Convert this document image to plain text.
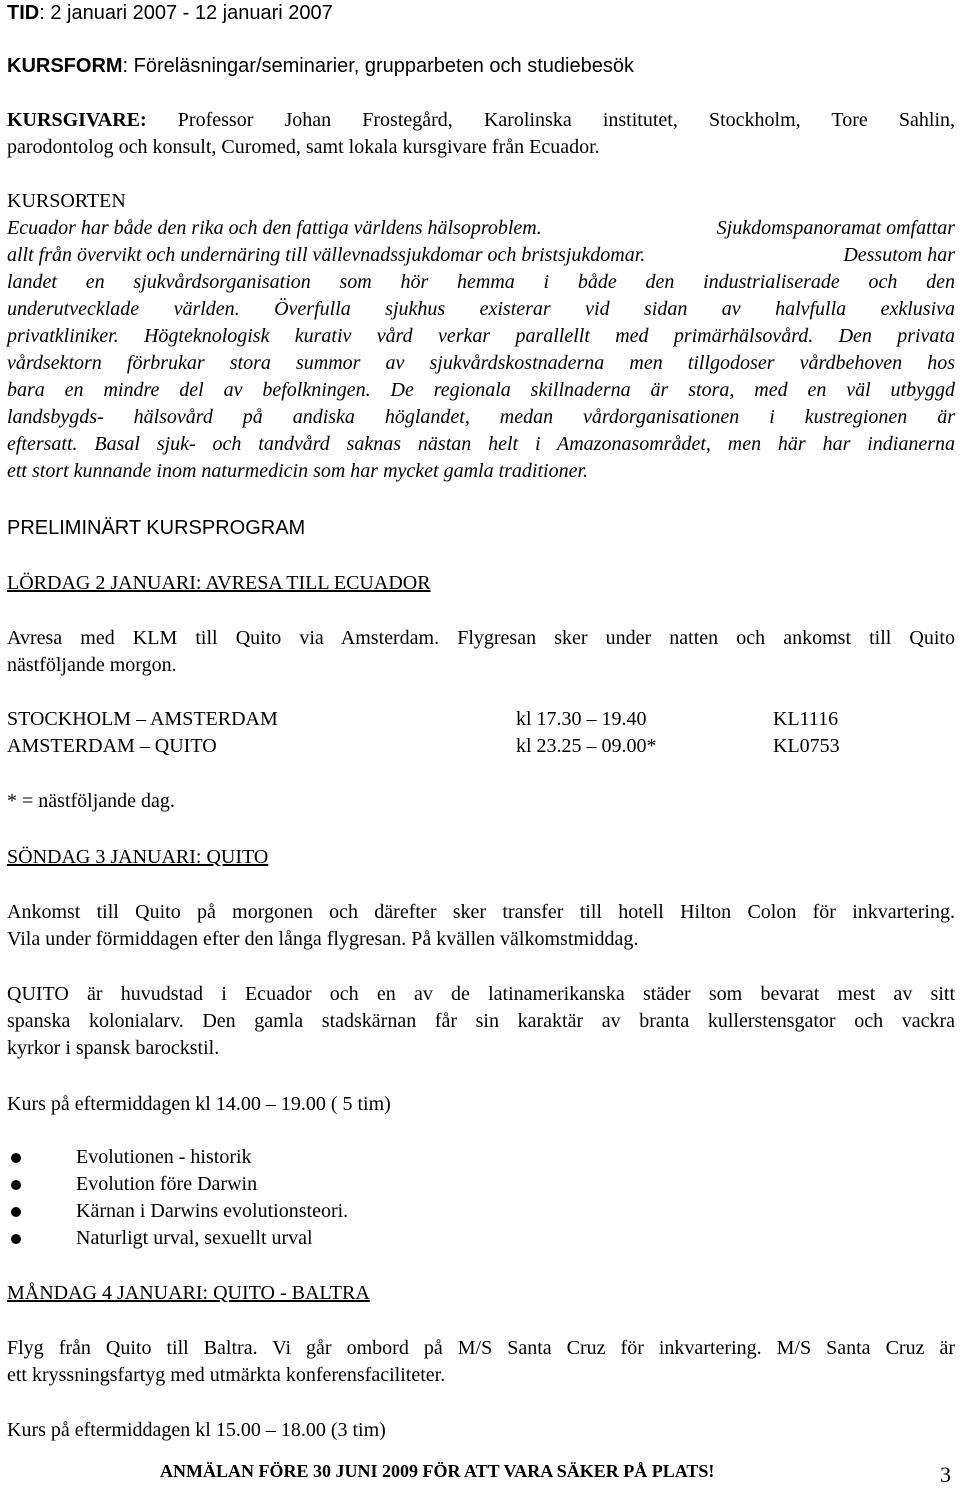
TID: 2 januari 2007 - 12 januari 2007
KURSFORM: Föreläsningar/seminarier, grupparbeten och studiebesök
KURSGIVARE: Professor Johan Frostegård, Karolinska institutet, Stockholm, Tore Sahlin,
parodontolog och konsult, Curomed, samt lokala kursgivare från Ecuador.
KURSORTEN
Ecuador har både den rika och den fattiga världens hälsoproblem.	Sjukdomspanoramat omfattar
allt från övervikt och undernäring till vällevnadssjukdomar och bristsjukdomar.	Dessutom har
landet en sjukvårdsorganisation som hör hemma i både den industrialiserade och den
underutvecklade världen. Överfulla sjukhus existerar vid sidan av halvfulla exklusiva
privatkliniker. Högteknologisk kurativ vård verkar parallellt med primärhälsovård. Den privata
vårdsektorn förbrukar stora summor av sjukvårdskostnaderna men tillgodoser vårdbehoven hos
bara en mindre del av befolkningen. De regionala skillnaderna är stora, med en väl utbyggd
landsbygds- hälsovård på andiska höglandet, medan vårdorganisationen i kustregionen är
eftersatt. Basal sjuk- och tandvård saknas nästan helt i Amazonasområdet, men här har indianerna
ett stort kunnande inom naturmedicin som har mycket gamla traditioner.
PRELIMINÄRT KURSPROGRAM
LÖRDAG 2 JANUARI: AVRESA TILL ECUADOR
Avresa med KLM till Quito via Amsterdam. Flygresan sker under natten och ankomst till Quito
nästföljande morgon.
STOCKHOLM – AMSTERDAM	kl 17.30 – 19.40	KL1116
AMSTERDAM – QUITO	kl 23.25 – 09.00*	KL0753
* = nästföljande dag.
SÖNDAG 3 JANUARI: QUITO
Ankomst till Quito på morgonen och därefter sker transfer till hotell Hilton Colon för inkvartering.
Vila under förmiddagen efter den långa flygresan. På kvällen välkomstmiddag.
QUITO är huvudstad i Ecuador och en av de latinamerikanska städer som bevarat mest av sitt
spanska kolonialarv. Den gamla stadskärnan får sin karaktär av branta kullerstensgator och vackra
kyrkor i spansk barockstil.
Kurs på eftermiddagen kl 14.00 – 19.00 ( 5 tim)
Evolutionen - historik
Evolution före Darwin
Kärnan i Darwins evolutionsteori.
Naturligt urval, sexuellt urval
MÅNDAG 4 JANUARI: QUITO - BALTRA
Flyg från Quito till Baltra. Vi går ombord på M/S Santa Cruz för inkvartering. M/S Santa Cruz är
ett kryssningsfartyg med utmärkta konferensfaciliteter.
Kurs på eftermiddagen kl 15.00 – 18.00 (3 tim)
ANMÄLAN FÖRE 30 JUNI 2009 FÖR ATT VARA SÄKER PÅ PLATS!	3
